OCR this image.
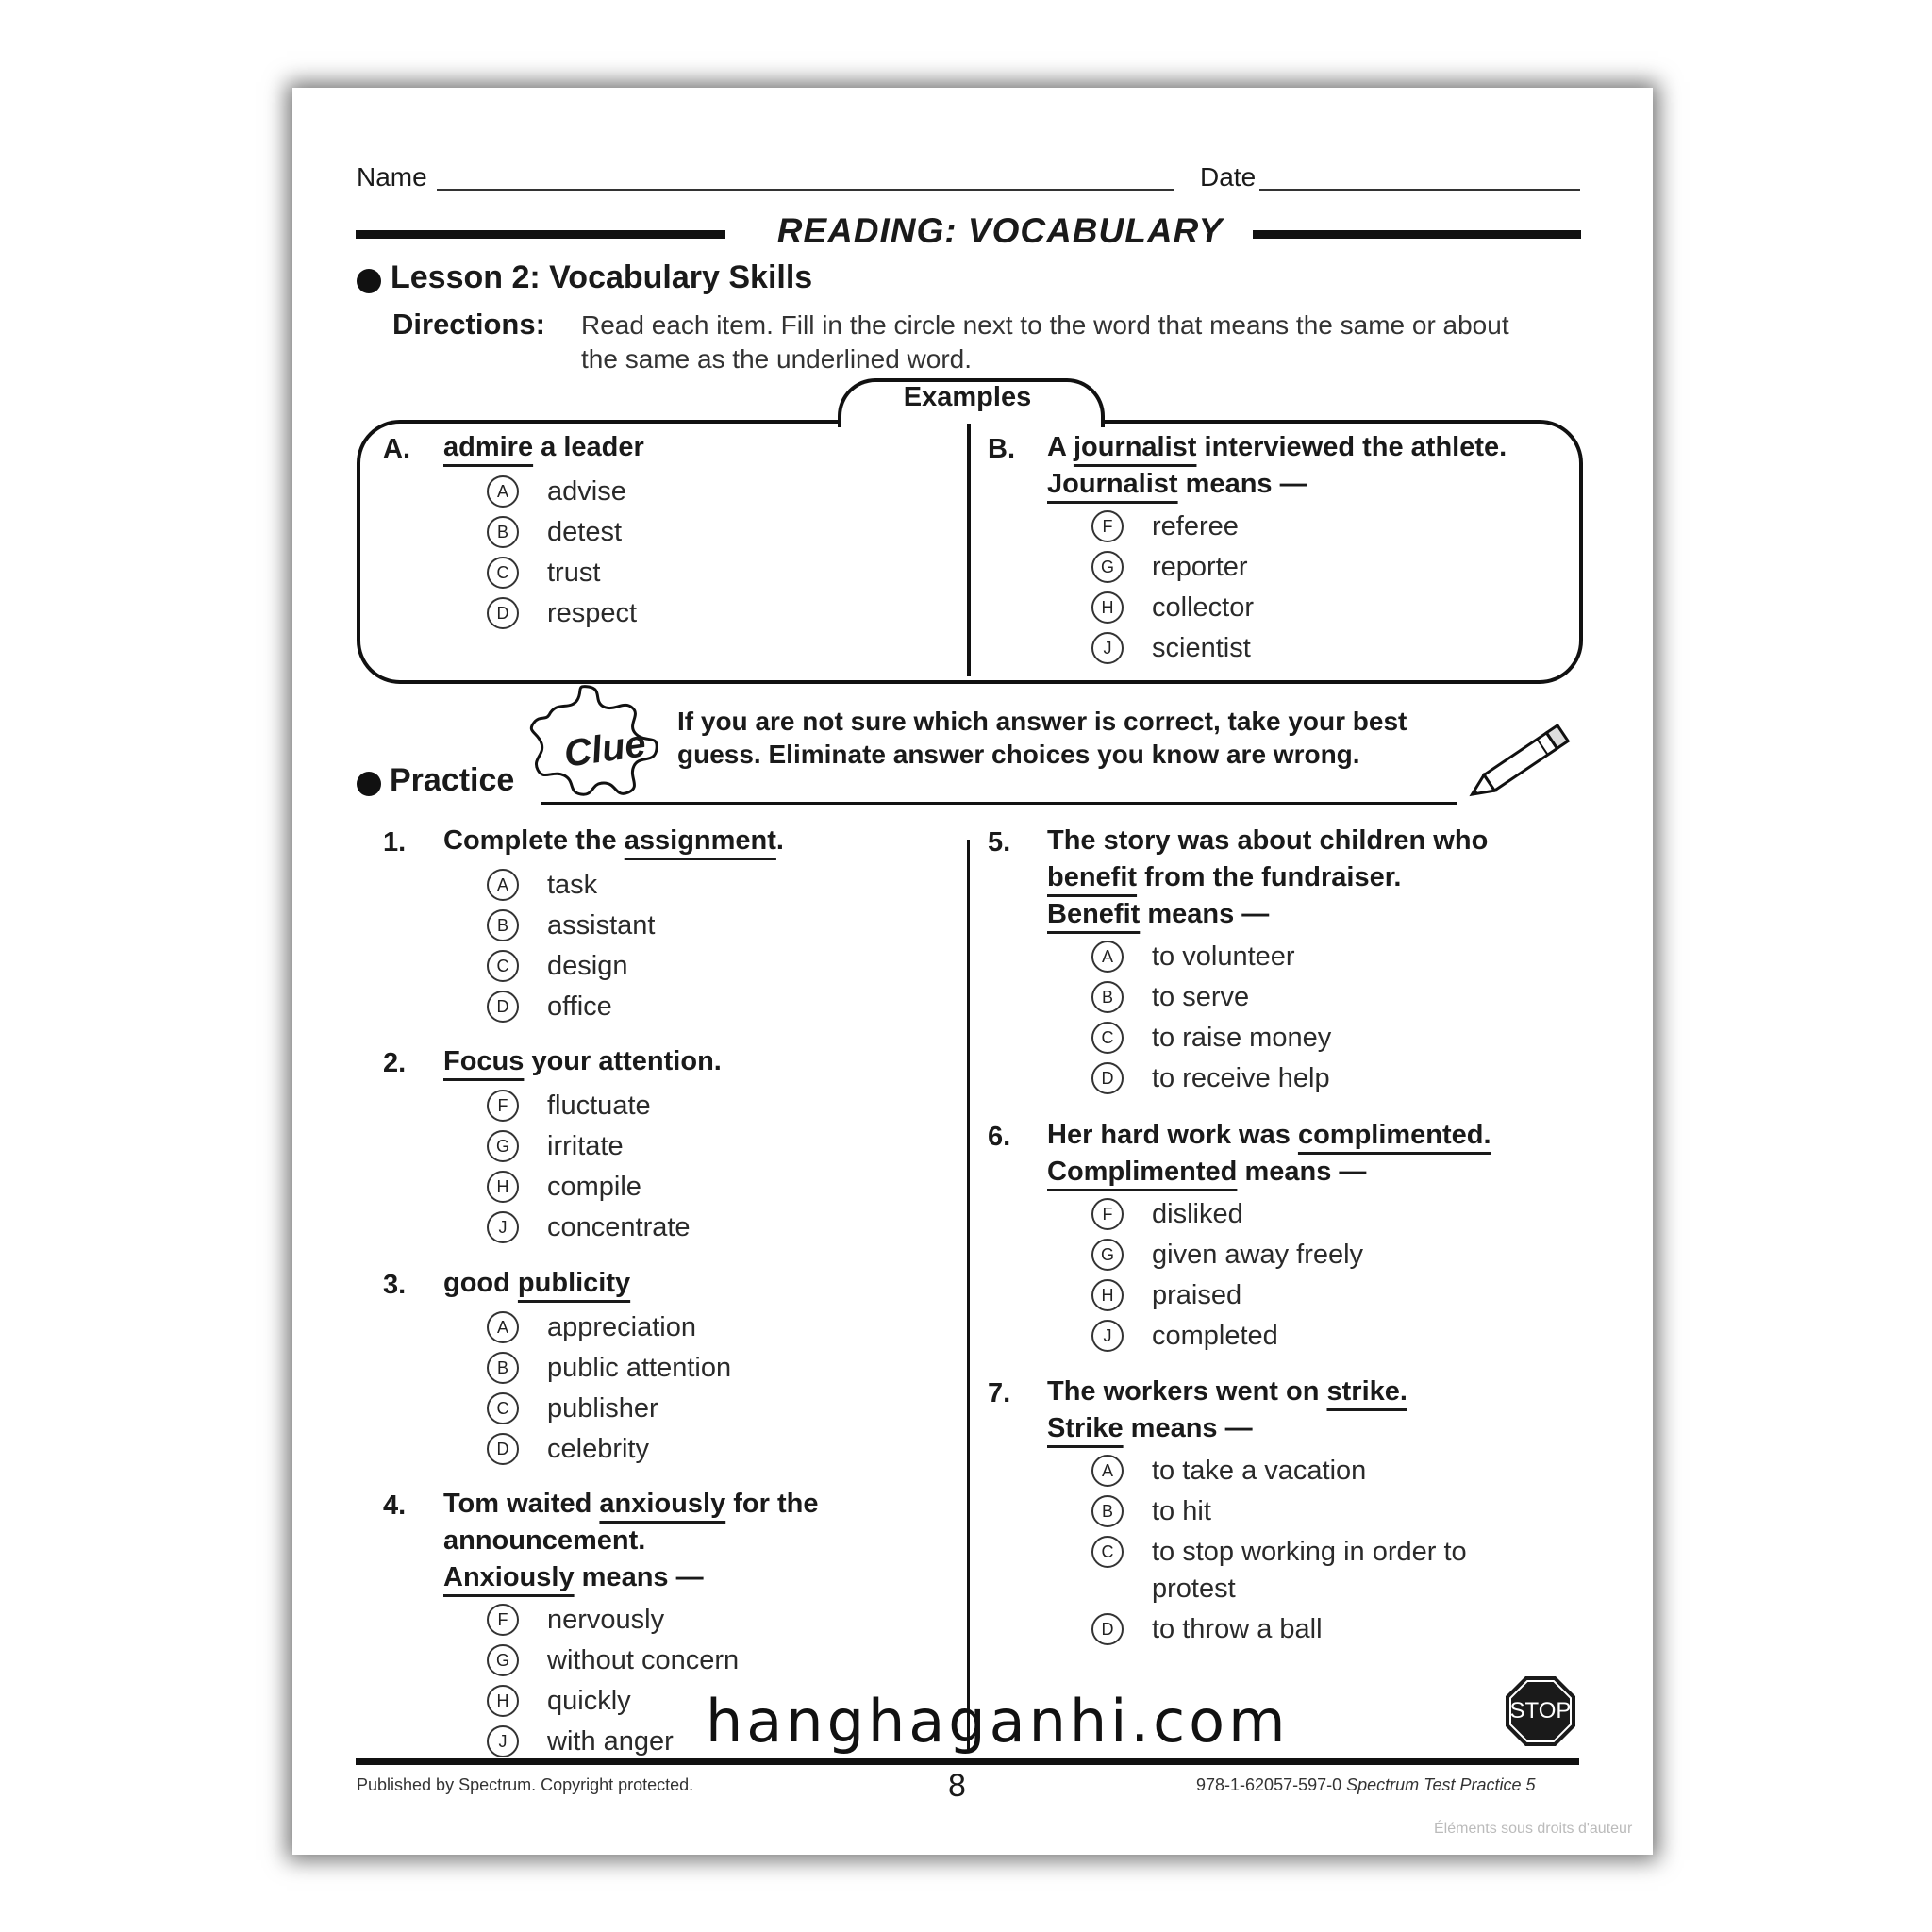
Name	Date
READING: VOCABULARY
Lesson 2: Vocabulary Skills
Directions: Read each item. Fill in the circle next to the word that means the same or about
the same as the underlined word.
Examples
A. admire a leader
A	advise
B	detest
C	trust
D	respect
B. A journalist interviewed the athlete.
Journalist means —
F	referee
G	reporter
H	collector
J	scientist
Clue
If you are not sure which answer is correct, take your best
guess. Eliminate answer choices you know are wrong.
Practice
1. Complete the assignment.
A	task
B	assistant
C	design
D	office
2. Focus your attention.
F	fluctuate
G	irritate
H	compile
J	concentrate
3. good publicity
A	appreciation
B	public attention
C	publisher
D	celebrity
4. Tom waited anxiously for the
announcement.
Anxiously means —
F	nervously
G	without concern
H	quickly
J	with anger
5. The story was about children who
benefit from the fundraiser.
Benefit means —
A	to volunteer
B	to serve
C	to raise money
D	to receive help
6. Her hard work was complimented.
Complimented means —
F	disliked
G	given away freely
H	praised
J	completed
7. The workers went on strike.
Strike means —
A	to take a vacation
B	to hit
C	to stop working in order to
protest
D	to throw a ball
STOP
hanghaganhi.com
Published by Spectrum. Copyright protected.	8	978-1-62057-597-0 Spectrum Test Practice 5
Éléments sous droits d'auteur
